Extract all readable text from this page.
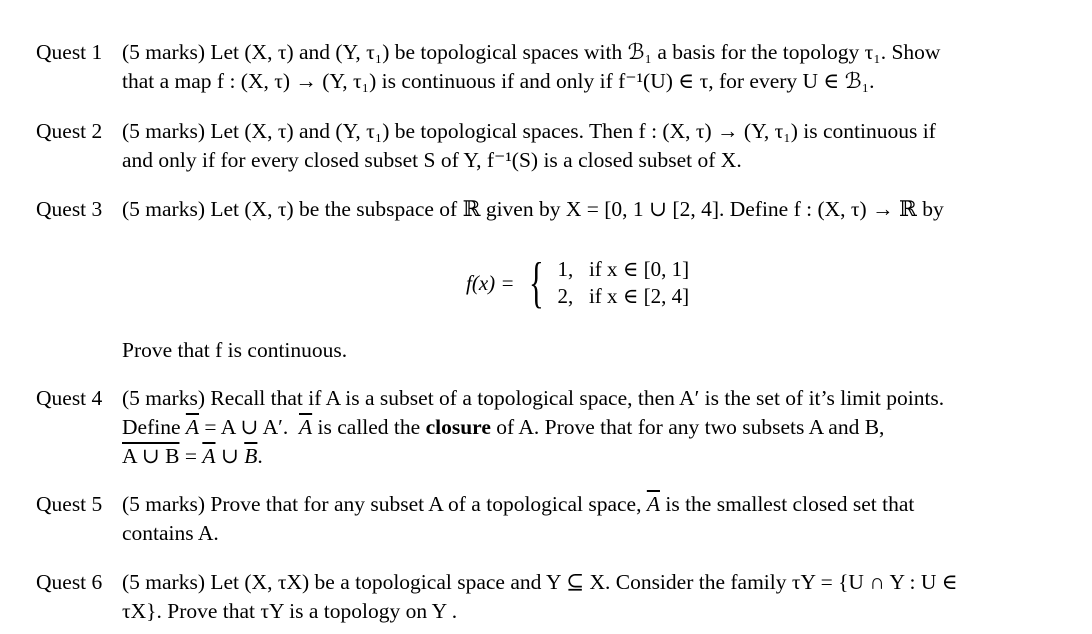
Quest 1 (5 marks) Let (X, τ) and (Y, τ₁) be topological spaces with ℬ₁ a basis for the topology τ₁. Show
that a map f : (X, τ) → (Y, τ₁) is continuous if and only if f⁻¹(U) ∈ τ, for every U ∈ ℬ₁.
Quest 2 (5 marks) Let (X, τ) and (Y, τ₁) be topological spaces. Then f : (X, τ) → (Y, τ₁) is continuous if
and only if for every closed subset S of Y, f⁻¹(S) is a closed subset of X.
Quest 3 (5 marks) Let (X, τ) be the subspace of ℝ given by X = [0, 1 ∪ [2, 4]. Define f : (X, τ) → ℝ by
f(x) = { 1, if x ∈ [0, 1]
2, if x ∈ [2, 4]
Prove that f is continuous.
Quest 4 (5 marks) Recall that if A is a subset of a topological space, then A′ is the set of it’s limit points.
Define $\overline{A} = A$ ∪ A′. $\overline{A}$ is called the closure of A. Prove that for any two subsets A and B,
A ∪ $B = \overline{A}$ ∪ $\overline{B}$.
Quest 5 (5 marks) Prove that for any subset A of a topological space, $\overline{A}$ is the smallest closed set that
contains A.
Quest 6 (5 marks) Let (X, τX) be a topological space and Y ⊆ X. Consider the family τY = {U ∩ Y : U ∈
τX}. Prove that τY is a topology on Y .
